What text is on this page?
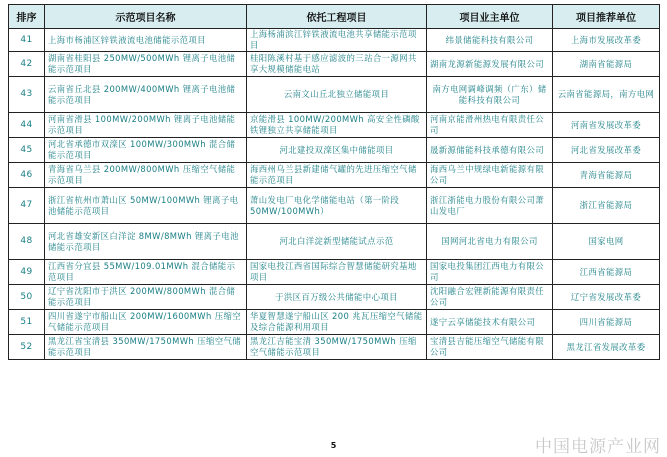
排序	示范项目名称	依托工程项目	项目业主单位	项目推荐单位
41	上海市杨浦区锌铁液流电池储能示范项目	上海杨浦滨江锌铁液流电池共享储能示范项目	纬景储能科技有限公司	上海市发展改革委
42	湖南省桂阳县 250MW/500MWh 锂离子电池储能示范项目	桂阳陈溪村基于感应滤波的三站合一源网共享大规模储能电站	湖南龙源新能源发展有限公司	湖南省能源局
43	云南省丘北县 200MW/400MWh 锂离子电池储能示范项目	云南文山丘北独立储能项目	南方电网调峰调频（广东）储能科技有限公司	云南省能源局，南方电网
44	河南省滑县 100MW/200MWh 锂离子电池储能示范项目	京能滑县 100MW/200MWh 高安全性磷酸铁锂独立共享储能项目	河南京能滑州热电有限责任公司	河南省发展改革委
45	河北省承德市双滦区 100MW/300MWh 混合储能示范项目	河北建投双滦区集中储能项目	晟新源储能科技承德有限公司	河北省发展改革委
46	青海省乌兰县 200MW/800MWh 压缩空气储能示范项目	海西州乌兰县新建储气罐的先进压缩空气储能示范项目	海西乌兰中规绿电新能源有限公司	青海省能源局
47	浙江省杭州市萧山区 50MW/100MWh 锂离子电池储能示范项目	萧山发电厂电化学储能电站（第一阶段 50MW/100MWh）	浙江浙能电力股份有限公司萧山发电厂	浙江省能源局
48	河北省雄安新区白洋淀 8MW/8MWh 锂离子电池储能示范项目	河北白洋淀新型储能试点示范	国网河北省电力有限公司	国家电网
49	江西省分宜县 55MW/109.01MWh 混合储能示范项目	国家电投江西省国际综合智慧储能研究基地项目	国家电投集团江西电力有限公司	江西省能源局
50	辽宁省沈阳市于洪区 200MW/800MWh 混合储能示范项目	于洪区百万级公共储能中心项目	沈阳融合宏锂新能源有限责任公司	辽宁省发展改革委
51	四川省遂宁市船山区 200MW/1600MWh 压缩空气储能示范项目	华夏智慧遂宁船山区 200 兆瓦压缩空气储能及综合能源利用项目	遂宁云享储能技术有限公司	四川省能源局
52	黑龙江省宝清县 350MW/1750MWh 压缩空气储能示范项目	黑龙江吉能宝清 350MW/1750MWh 压缩空气储能示范项目	宝清县吉能压缩空气储能有限公司	黑龙江省发展改革委
5	中国电源产业网
